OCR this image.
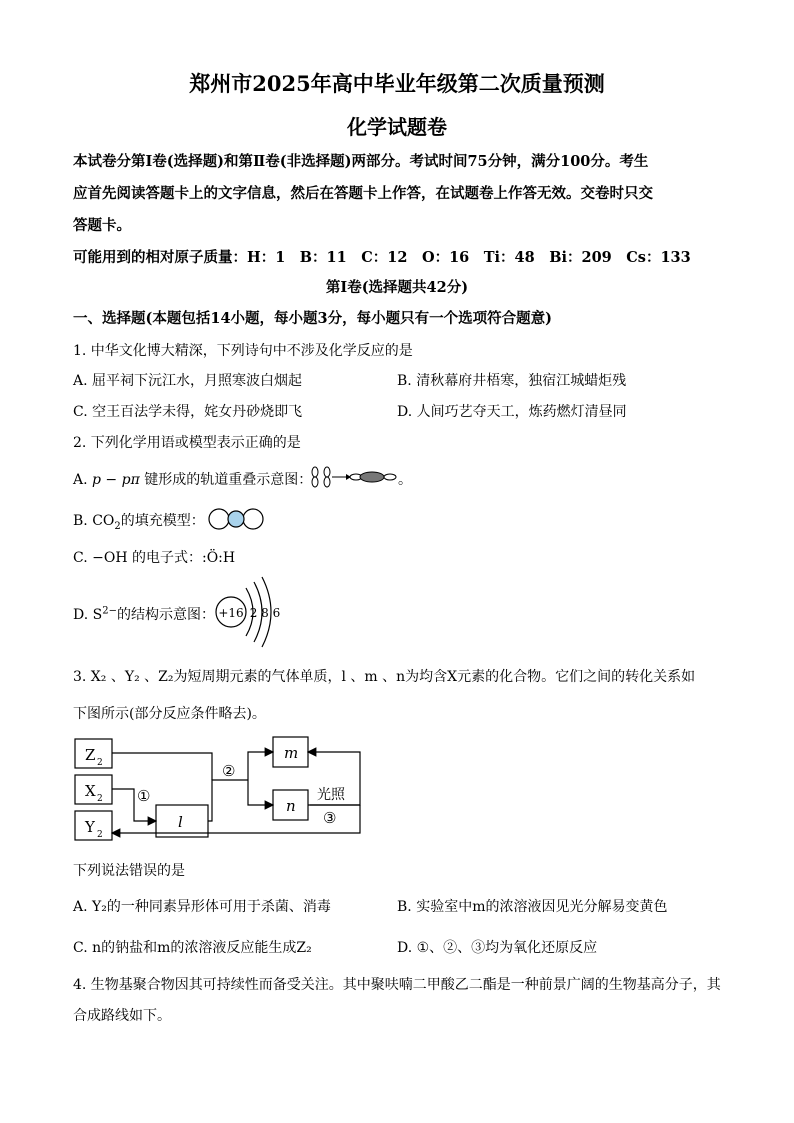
郑州市2025年高中毕业年级第二次质量预测
化学试题卷
本试卷分第Ⅰ卷(选择题)和第Ⅱ卷(非选择题)两部分。考试时间75分钟，满分100分。考生
应首先阅读答题卡上的文字信息，然后在答题卡上作答，在试题卷上作答无效。交卷时只交
答题卡。
可能用到的相对原子质量：H：1　B：11　C：12　O：16　Ti：48　Bi：209　Cs：133
第Ⅰ卷(选择题共42分)
一、选择题(本题包括14小题，每小题3分，每小题只有一个选项符合题意)
1. 中华文化博大精深，下列诗句中不涉及化学反应的是
A. 屈平祠下沅江水，月照寒波白烟起	B. 清秋幕府井梧寒，独宿江城蜡炬残
C. 空王百法学未得，姹女丹砂烧即飞	D. 人间巧艺夺天工，炼药燃灯清昼同
2. 下列化学用语或模型表示正确的是
A. p − pπ 键形成的轨道重叠示意图：	。
B. $CO_2$的填充模型：
C. −OH 的电子式：:Ö:H
D. $S^{2-}$的结构示意图： +16 2 8 6
3. X₂ 、Y₂ 、Z₂为短周期元素的气体单质，l 、m 、n为均含X元素的化合物。它们之间的转化关系如
下图所示(部分反应条件略去)。
Z 2
X 2
Y 2
l
m
n
①
②
光照
③
下列说法错误的是
A. Y₂的一种同素异形体可用于杀菌、消毒	B. 实验室中m的浓溶液因见光分解易变黄色
C. n的钠盐和m的浓溶液反应能生成Z₂	D. ①、②、③均为氧化还原反应
4. 生物基聚合物因其可持续性而备受关注。其中聚呋喃二甲酸乙二酯是一种前景广阔的生物基高分子，其
合成路线如下。
